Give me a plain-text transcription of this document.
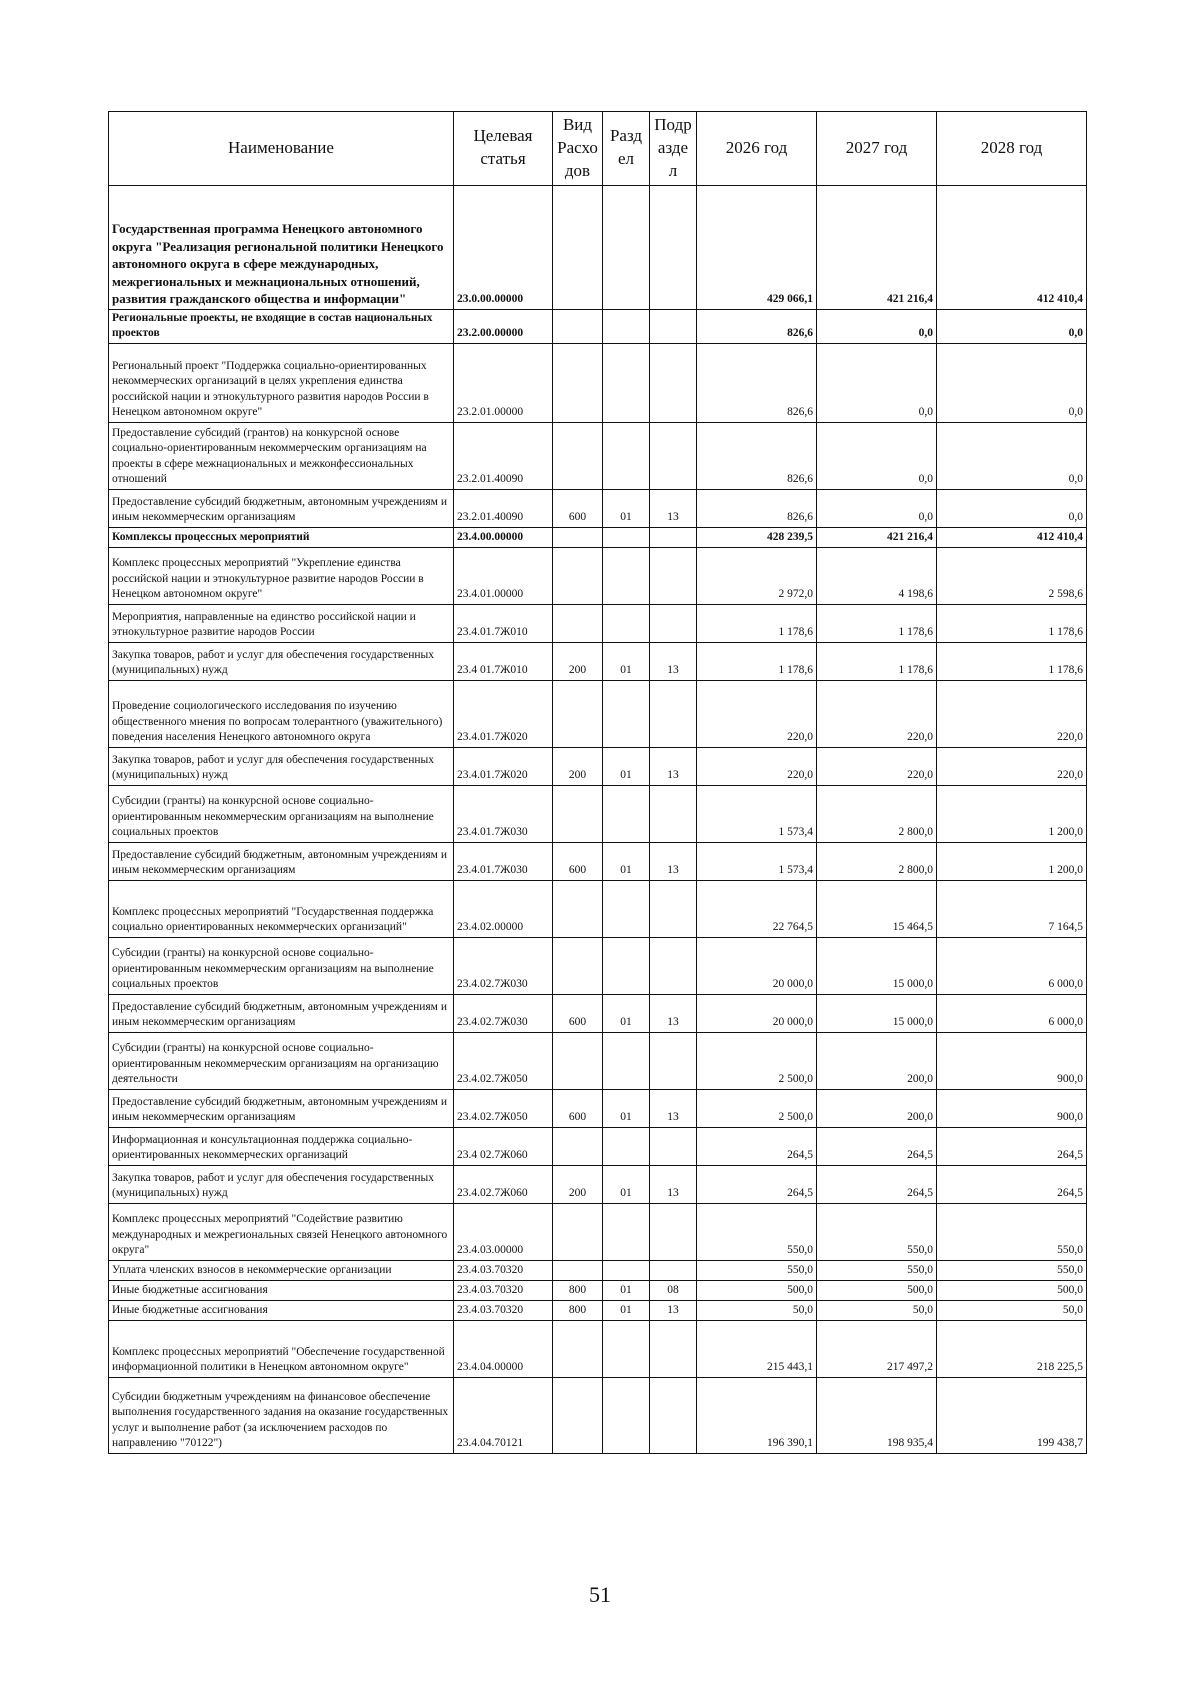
Наименование	Целевая статья	Вид Расхо дов	Разд ел	Подр азде л	2026 год	2027 год	2028 год
Государственная программа Ненецкого автономного округа "Реализация региональной политики Ненецкого автономного округа в сфере международных, межрегиональных и межнациональных отношений, развития гражданского общества и информации"	23.0.00.00000				429 066,1	421 216,4	412 410,4
Региональные проекты, не входящие в состав национальных проектов	23.2.00.00000				826,6	0,0	0,0
Региональный проект "Поддержка социально-ориентированных некоммерческих организаций в целях укрепления единства российской нации и этнокультурного развития народов России в Ненецком автономном округе"	23.2.01.00000				826,6	0,0	0,0
Предоставление субсидий (грантов) на конкурсной основе социально-ориентированным некоммерческим организациям на проекты в сфере межнациональных и межконфессиональных отношений	23.2.01.40090				826,6	0,0	0,0
Предоставление субсидий бюджетным, автономным учреждениям и иным некоммерческим организациям	23.2.01.40090	600	01	13	826,6	0,0	0,0
Комплексы процессных мероприятий	23.4.00.00000				428 239,5	421 216,4	412 410,4
Комплекс процессных мероприятий "Укрепление единства российской нации и этнокультурное развитие народов России в Ненецком автономном округе"	23.4.01.00000				2 972,0	4 198,6	2 598,6
Мероприятия, направленные на единство российской нации и этнокультурное развитие народов России	23.4.01.7Ж010				1 178,6	1 178,6	1 178,6
Закупка товаров, работ и услуг для обеспечения государственных (муниципальных) нужд	23.4 01.7Ж010	200	01	13	1 178,6	1 178,6	1 178,6
Проведение социологического исследования по изучению общественного мнения по вопросам толерантного (уважительного) поведения населения Ненецкого автономного округа	23.4.01.7Ж020				220,0	220,0	220,0
Закупка товаров, работ и услуг для обеспечения государственных (муниципальных) нужд	23.4.01.7Ж020	200	01	13	220,0	220,0	220,0
Субсидии (гранты) на конкурсной основе социально-ориентированным некоммерческим организациям на выполнение социальных проектов	23.4.01.7Ж030				1 573,4	2 800,0	1 200,0
Предоставление субсидий бюджетным, автономным учреждениям и иным некоммерческим организациям	23.4.01.7Ж030	600	01	13	1 573,4	2 800,0	1 200,0
Комплекс процессных мероприятий "Государственная поддержка социально ориентированных некоммерческих организаций"	23.4.02.00000				22 764,5	15 464,5	7 164,5
Субсидии (гранты) на конкурсной основе социально-ориентированным некоммерческим организациям на выполнение социальных проектов	23.4.02.7Ж030				20 000,0	15 000,0	6 000,0
Предоставление субсидий бюджетным, автономным учреждениям и иным некоммерческим организациям	23.4.02.7Ж030	600	01	13	20 000,0	15 000,0	6 000,0
Субсидии (гранты) на конкурсной основе социально-ориентированным некоммерческим организациям на организацию деятельности	23.4.02.7Ж050				2 500,0	200,0	900,0
Предоставление субсидий бюджетным, автономным учреждениям и иным некоммерческим организациям	23.4.02.7Ж050	600	01	13	2 500,0	200,0	900,0
Информационная и консультационная поддержка социально-ориентированных некоммерческих организаций	23.4 02.7Ж060				264,5	264,5	264,5
Закупка товаров, работ и услуг для обеспечения государственных (муниципальных) нужд	23.4.02.7Ж060	200	01	13	264,5	264,5	264,5
Комплекс процессных мероприятий "Содействие развитию международных и межрегиональных связей Ненецкого автономного округа"	23.4.03.00000				550,0	550,0	550,0
Уплата членских взносов в некоммерческие организации	23.4.03.70320				550,0	550,0	550,0
Иные бюджетные ассигнования	23.4.03.70320	800	01	08	500,0	500,0	500,0
Иные бюджетные ассигнования	23.4.03.70320	800	01	13	50,0	50,0	50,0
Комплекс процессных мероприятий "Обеспечение государственной информационной политики в Ненецком автономном округе"	23.4.04.00000				215 443,1	217 497,2	218 225,5
Субсидии бюджетным учреждениям на финансовое обеспечение выполнения государственного задания на оказание государственных услуг и выполнение работ (за исключением расходов по направлению "70122")	23.4.04.70121				196 390,1	198 935,4	199 438,7
51
